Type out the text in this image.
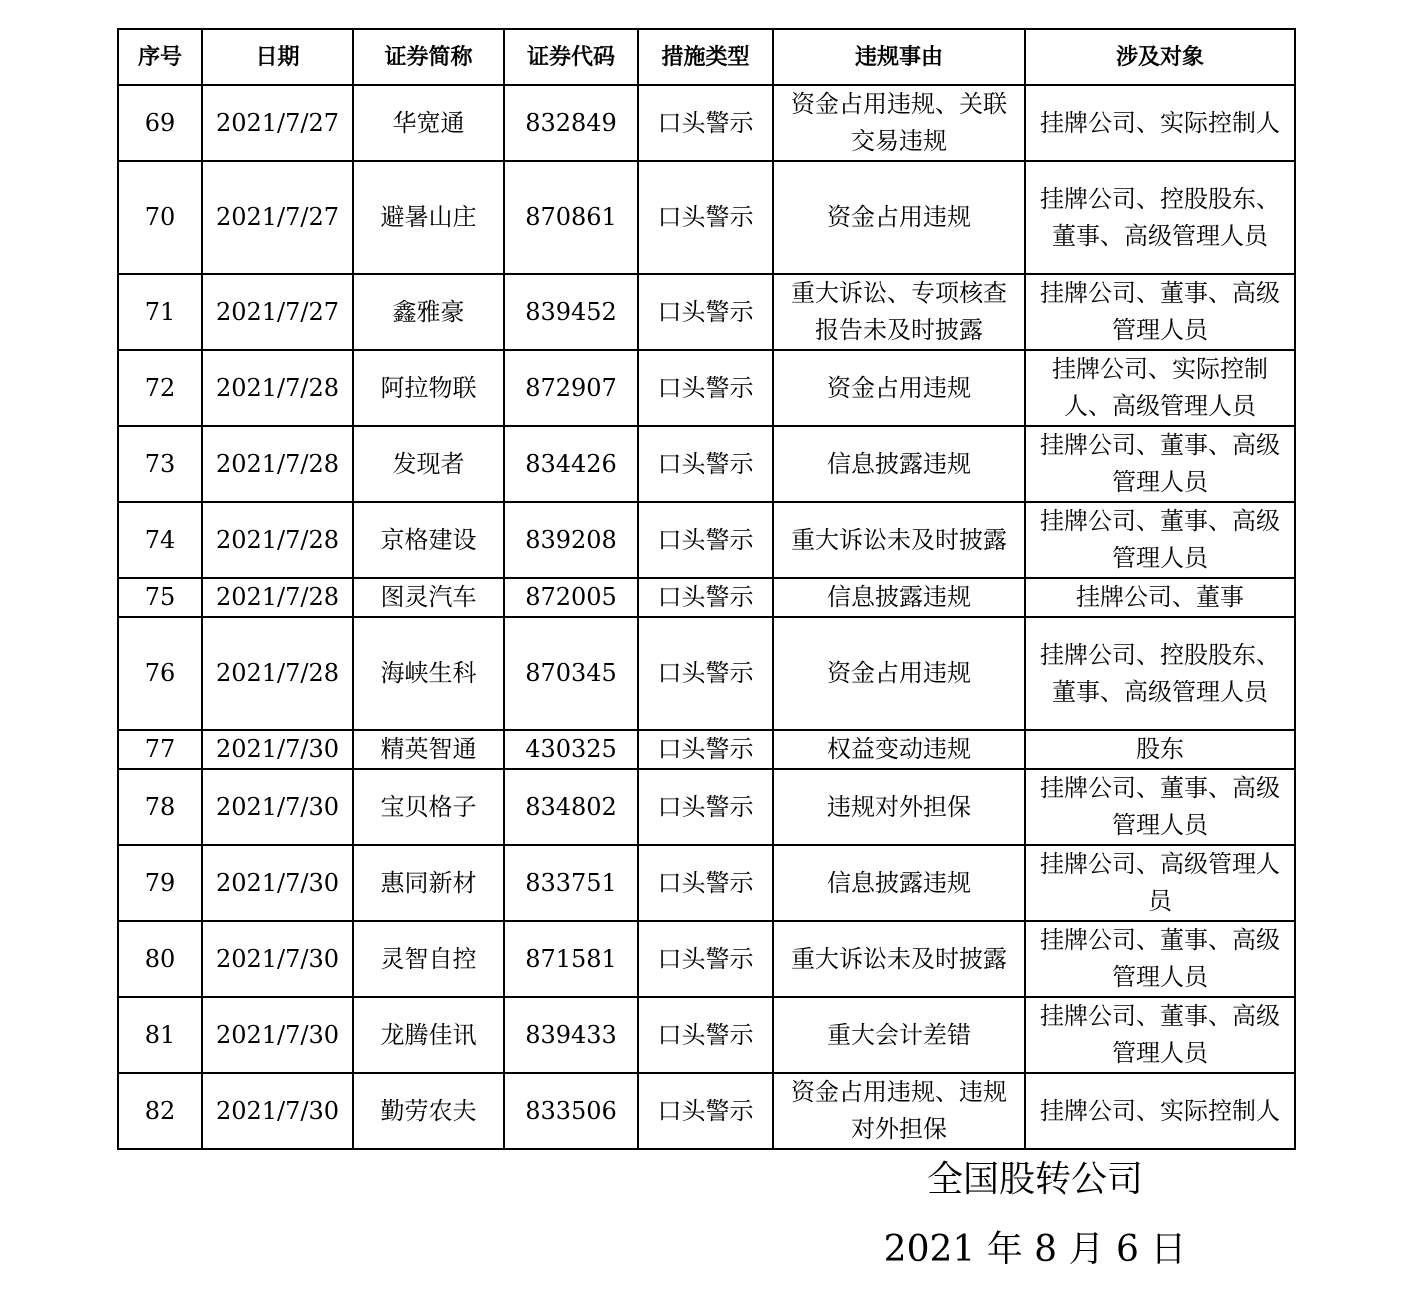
序号	日期	证券简称	证券代码	措施类型	违规事由	涉及对象
69	2021/7/27	华宽通	832849	口头警示	资金占用违规、关联交易违规	挂牌公司、实际控制人
70	2021/7/27	避暑山庄	870861	口头警示	资金占用违规	挂牌公司、控股股东、董事、高级管理人员
71	2021/7/27	鑫雅豪	839452	口头警示	重大诉讼、专项核查报告未及时披露	挂牌公司、董事、高级管理人员
72	2021/7/28	阿拉物联	872907	口头警示	资金占用违规	挂牌公司、实际控制人、高级管理人员
73	2021/7/28	发现者	834426	口头警示	信息披露违规	挂牌公司、董事、高级管理人员
74	2021/7/28	京格建设	839208	口头警示	重大诉讼未及时披露	挂牌公司、董事、高级管理人员
75	2021/7/28	图灵汽车	872005	口头警示	信息披露违规	挂牌公司、董事
76	2021/7/28	海峡生科	870345	口头警示	资金占用违规	挂牌公司、控股股东、董事、高级管理人员
77	2021/7/30	精英智通	430325	口头警示	权益变动违规	股东
78	2021/7/30	宝贝格子	834802	口头警示	违规对外担保	挂牌公司、董事、高级管理人员
79	2021/7/30	惠同新材	833751	口头警示	信息披露违规	挂牌公司、高级管理人员
80	2021/7/30	灵智自控	871581	口头警示	重大诉讼未及时披露	挂牌公司、董事、高级管理人员
81	2021/7/30	龙腾佳讯	839433	口头警示	重大会计差错	挂牌公司、董事、高级管理人员
82	2021/7/30	勤劳农夫	833506	口头警示	资金占用违规、违规对外担保	挂牌公司、实际控制人
全国股转公司
2021 年 8 月 6 日
